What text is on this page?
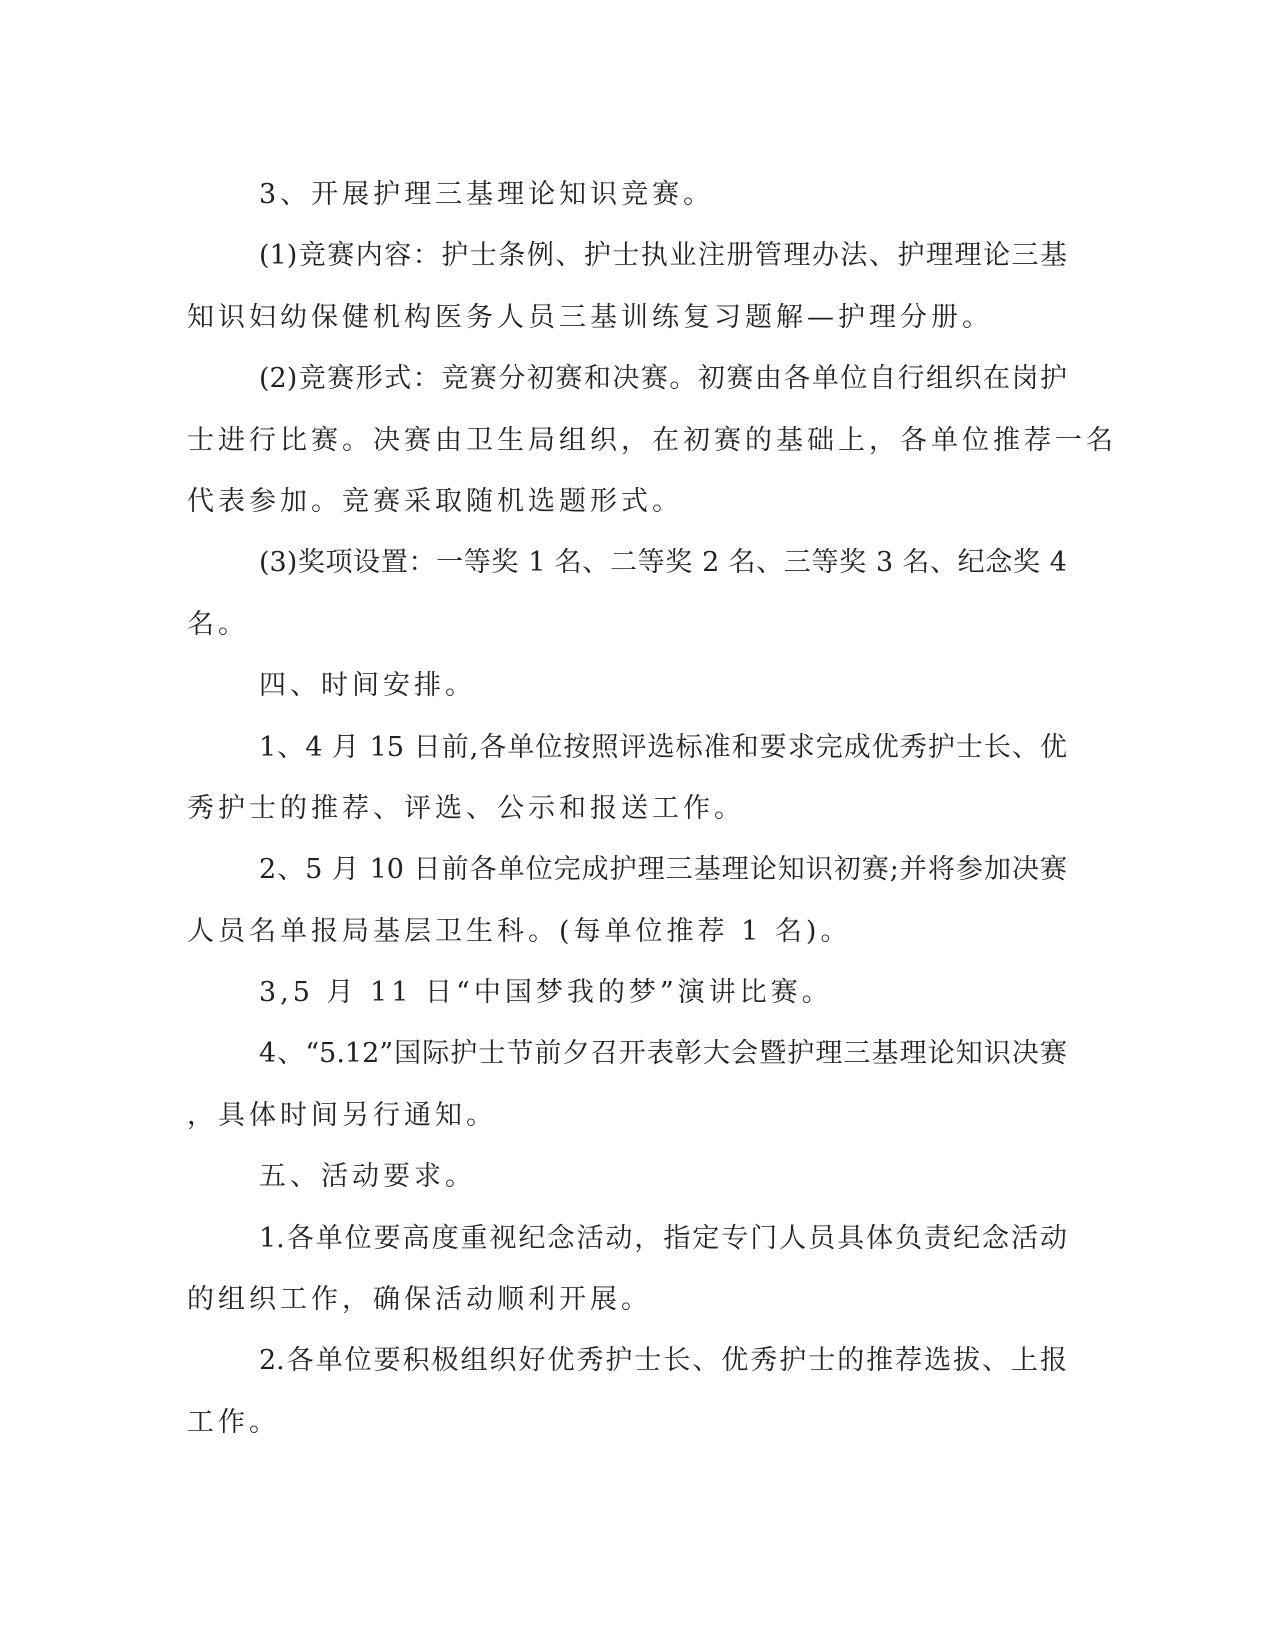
3、开展护理三基理论知识竞赛。
(1)竞赛内容：护士条例、护士执业注册管理办法、护理理论三基
知识妇幼保健机构医务人员三基训练复习题解—护理分册。
(2)竞赛形式：竞赛分初赛和决赛。初赛由各单位自行组织在岗护
士进行比赛。决赛由卫生局组织，在初赛的基础上，各单位推荐一名
代表参加。竞赛采取随机选题形式。
(3)奖项设置：一等奖 1 名、二等奖 2 名、三等奖 3 名、纪念奖 4
名。
四、时间安排。
1、4 月 15 日前,各单位按照评选标准和要求完成优秀护士长、优
秀护士的推荐、评选、公示和报送工作。
2、5 月 10 日前各单位完成护理三基理论知识初赛;并将参加决赛
人员名单报局基层卫生科。(每单位推荐 1 名)。
3,5 月 11 日“中国梦我的梦”演讲比赛。
4、“5.12”国际护士节前夕召开表彰大会暨护理三基理论知识决赛
，具体时间另行通知。
五、活动要求。
1.各单位要高度重视纪念活动，指定专门人员具体负责纪念活动
的组织工作，确保活动顺利开展。
2.各单位要积极组织好优秀护士长、优秀护士的推荐选拔、上报
工作。
